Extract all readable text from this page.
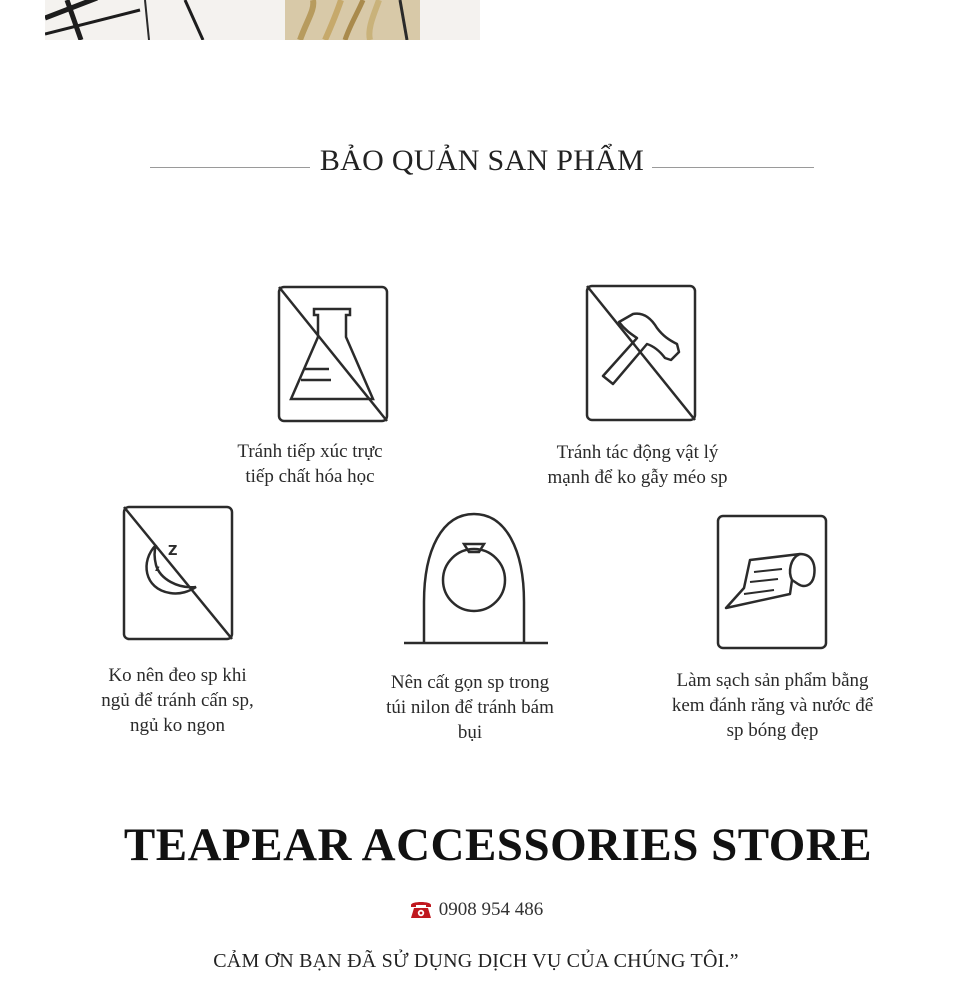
BẢO QUẢN SAN PHẨM
Tránh tiếp xúc trực
tiếp chất hóa học
Tránh tác động vật lý
mạnh để ko gẫy méo sp
Z
z
Ko nên đeo sp khi
ngủ để tránh cấn sp,
ngủ ko ngon
Nên cất gọn sp trong
túi nilon để tránh bám
bụi
Làm sạch sản phẩm bằng
kem đánh răng và nước để
sp bóng đẹp
TEAPEAR ACCESSORIES STORE
0908 954 486
CẢM ƠN BẠN ĐÃ SỬ DỤNG DỊCH VỤ CỦA CHÚNG TÔI.”
